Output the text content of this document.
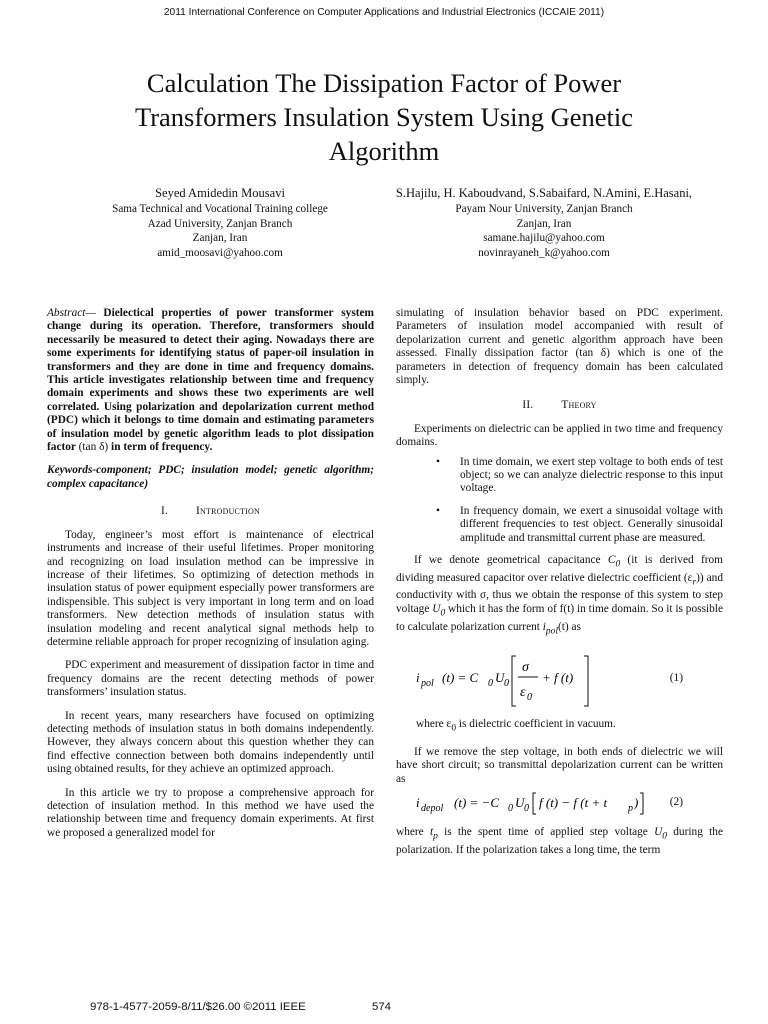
2011 International Conference on Computer Applications and Industrial Electronics (ICCAIE 2011)
Calculation The Dissipation Factor of Power
Transformers Insulation System Using Genetic
Algorithm
Seyed Amidedin Mousavi
Sama Technical and Vocational Training college
Azad University, Zanjan Branch
Zanjan, Iran
amid_moosavi@yahoo.com
S.Hajilu, H. Kaboudvand, S.Sabaifard, N.Amini, E.Hasani,
Payam Nour University, Zanjan Branch
Zanjan, Iran
samane.hajilu@yahoo.com
novinrayaneh_k@yahoo.com

Abstract— Dielectical properties of power transformer system change during its operation. Therefore, transformers should necessarily be measured to detect their aging. Nowadays there are some experiments for identifying status of paper-oil insulation in transformers and they are done in time and frequency domains. This article investigates relationship between time and frequency domain experiments and shows these two experiments are well correlated. Using polarization and depolarization current method (PDC) which it belongs to time domain and estimating parameters of insulation model by genetic algorithm leads to plot dissipation factor (tan δ) in term of frequency.

Keywords-component; PDC; insulation model; genetic algorithm; complex capacitance)

I. Introduction

Today, engineer’s most effort is maintenance of electrical instruments and increase of their useful lifetimes. Proper monitoring and recognizing on load insulation method can be impressive in increase of their lifetimes. So optimizing of detection methods in insulation status of power equipment especially power transformers are indispensible. This subject is very important in long term and on load transformers. New detection methods of insulation status with insulation modeling and recent analytical signal methods help to determine reliable approach for proper recognizing of insulation aging.

PDC experiment and measurement of dissipation factor in time and frequency domains are the recent detecting methods of power transformers’ insulation status.

In recent years, many researchers have focused on optimizing detecting methods of insulation status in both domains independently. However, they always concern about this question whether they can find effective connection between both domains independently until using obtained results, for they achieve an optimized approach.

In this article we try to propose a comprehensive approach for detection of insulation method. In this method we have used the relationship between time and frequency domain experiments. At first we proposed a generalized model for

simulating of insulation behavior based on PDC experiment. Parameters of insulation model accompanied with result of depolarization current and genetic algorithm approach have been assessed. Finally dissipation factor (tan δ) which is one of the parameters in detection of frequency domain has been calculated simply.

II. Theory

Experiments on dielectric can be applied in two time and frequency domains.

• In time domain, we exert step voltage to both ends of test object; so we can analyze dielectric response to this input voltage.
• In frequency domain, we exert a sinusoidal voltage with different frequencies to test object. Generally sinusoidal amplitude and transmittal current phase are measured.

If we denote geometrical capacitance $C_0$ (it is derived from dividing measured capacitor over relative dielectric coefficient $(\varepsilon_r)$) and conductivity with σ, thus we obtain the response of this system to step voltage $U_0$ which it has the form of f(t) in time domain. So it is possible to calculate polarization current $i_{pol}(t)$ as

i pol (t) = C 0 U 0
σ
ε 0
+ f (t)	(1)

where $\varepsilon_0$ is dielectric coefficient in vacuum.

If we remove the step voltage, in both ends of dielectric we will have short circuit; so transmittal depolarization current can be written as

i depol (t) = −C 0 U 0 f (t) − f (t + t p )	(2)

where $t_p$ is the spent time of applied step voltage $U_0$ during the polarization. If the polarization takes a long time, the term

978-1-4577-2059-8/11/$26.00 ©2011 IEEE	574
